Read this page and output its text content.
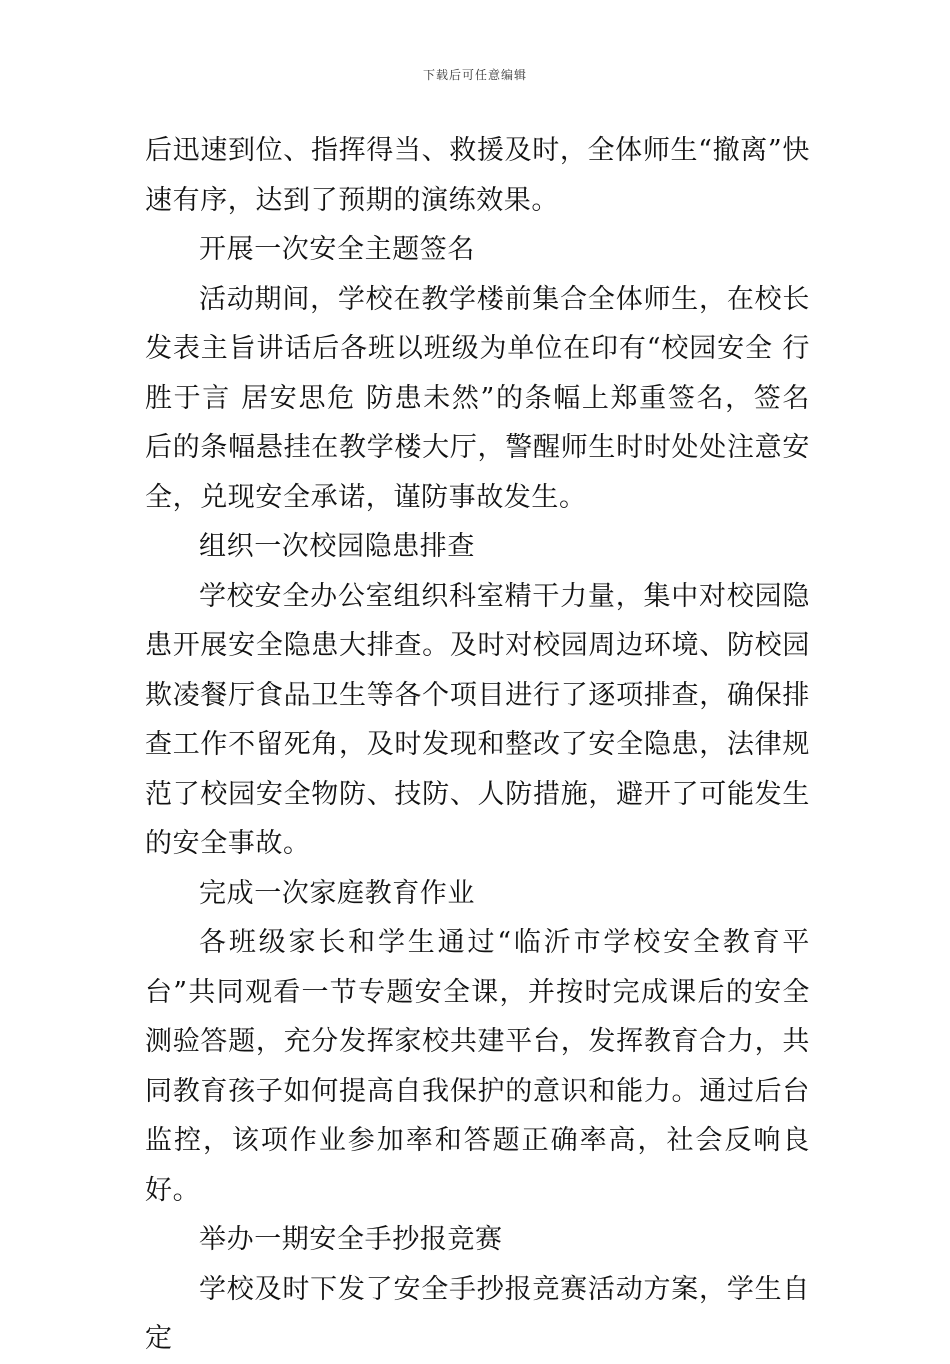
下载后可任意编辑

后迅速到位、指挥得当、救援及时，全体师生“撤离”快速有序，达到了预期的演练效果。

开展一次安全主题签名

活动期间，学校在教学楼前集合全体师生，在校长发表主旨讲话后各班以班级为单位在印有“校园安全 行胜于言 居安思危 防患未然”的条幅上郑重签名，签名后的条幅悬挂在教学楼大厅，警醒师生时时处处注意安全，兑现安全承诺，谨防事故发生。

组织一次校园隐患排查

学校安全办公室组织科室精干力量，集中对校园隐患开展安全隐患大排查。及时对校园周边环境、防校园欺凌餐厅食品卫生等各个项目进行了逐项排查，确保排查工作不留死角，及时发现和整改了安全隐患，法律规范了校园安全物防、技防、人防措施，避开了可能发生的安全事故。

完成一次家庭教育作业

各班级家长和学生通过“临沂市学校安全教育平台”共同观看一节专题安全课，并按时完成课后的安全测验答题，充分发挥家校共建平台，发挥教育合力，共同教育孩子如何提高自我保护的意识和能力。通过后台监控，该项作业参加率和答题正确率高，社会反响良好。

举办一期安全手抄报竞赛

学校及时下发了安全手抄报竞赛活动方案，学生自定
